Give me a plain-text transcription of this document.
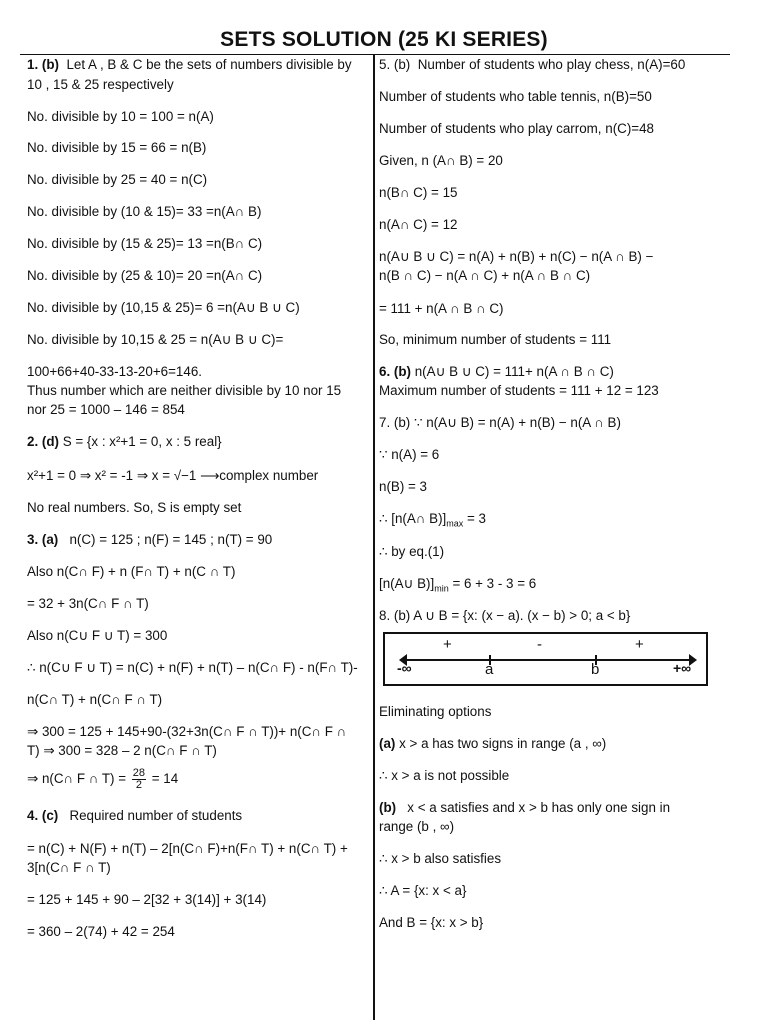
SETS SOLUTION (25 KI SERIES)
1. (b) Let A , B & C be the sets of numbers divisible by
10 , 15 & 25 respectively
No. divisible by 10 = 100 = n(A)
No. divisible by 15 = 66 = n(B)
No. divisible by 25 = 40 = n(C)
No. divisible by (10 & 15)= 33 =n(A∩ B)
No. divisible by (15 & 25)= 13 =n(B∩ C)
No. divisible by (25 & 10)= 20 =n(A∩ C)
No. divisible by (10,15 & 25)= 6 =n(A∪ B ∪ C)
No. divisible by 10,15 & 25 = n(A∪ B ∪ C)=
100+66+40-33-13-20+6=146.
Thus number which are neither divisible by 10 nor 15
nor 25 = 1000 – 146 = 854
2. (d) S = {x : x²+1 = 0, x : 5 real}
x²+1 = 0 ⇒ x² = -1 ⇒ x = √−1 ⟶complex number
No real numbers. So, S is empty set
3. (a) n(C) = 125 ; n(F) = 145 ; n(T) = 90
Also n(C∩ F) + n (F∩ T) + n(C ∩ T)
= 32 + 3n(C∩ F ∩ T)
Also n(C∪ F ∪ T) = 300
∴ n(C∪ F ∪ T) = n(C) + n(F) + n(T) – n(C∩ F) - n(F∩ T)-
n(C∩ T) + n(C∩ F ∩ T)
⇒ 300 = 125 + 145+90-(32+3n(C∩ F ∩ T))+ n(C∩ F ∩
T) ⇒ 300 = 328 – 2 n(C∩ F ∩ T)
⇒ n(C∩ F ∩ $T) = \frac{28}{2} = 14$
4. (c) Required number of students
= n(C) + N(F) + n(T) – 2[n(C∩ F)+n(F∩ T) + n(C∩ T) +
3[n(C∩ F ∩ T)
= 125 + 145 + 90 – 2[32 + 3(14)] + 3(14)
= 360 – 2(74) + 42 = 254
5. (b) Number of students who play chess, n(A)=60
Number of students who table tennis, n(B)=50
Number of students who play carrom, n(C)=48
Given, n (A∩ B) = 20
n(B∩ C) = 15
n(A∩ C) = 12
n(A∪ B ∪ C) = n(A) + n(B) + n(C) − n(A ∩ B) −
n(B ∩ C) − n(A ∩ C) + n(A ∩ B ∩ C)
= 111 + n(A ∩ B ∩ C)
So, minimum number of students = 111
6. (b) n(A∪ B ∪ C) = 111+ n(A ∩ B ∩ C)
Maximum number of students = 111 + 12 = 123
7. (b) ∵ n(A∪ B) = n(A) + n(B) − n(A ∩ B)
∵ n(A) = 6
n(B) = 3
∴ [n(A∩ $B)]_{max} = 3$
∴ by eq.(1)
[n(A∪ $B)]_{min} = 6 + 3 - 3 = 6$
8. (b) A ∪ B = {x: (x − a). (x − b) > 0; a < b}
Eliminating options
(a) x > a has two signs in range (a , ∞)
∴ x > a is not possible
(b) x < a satisfies and x > b has only one sign in
range (b , ∞)
∴ x > b also satisfies
∴ A = {x: x < a}
And B = {x: x > b}
+	-	+
-∞	+∞
a	b
